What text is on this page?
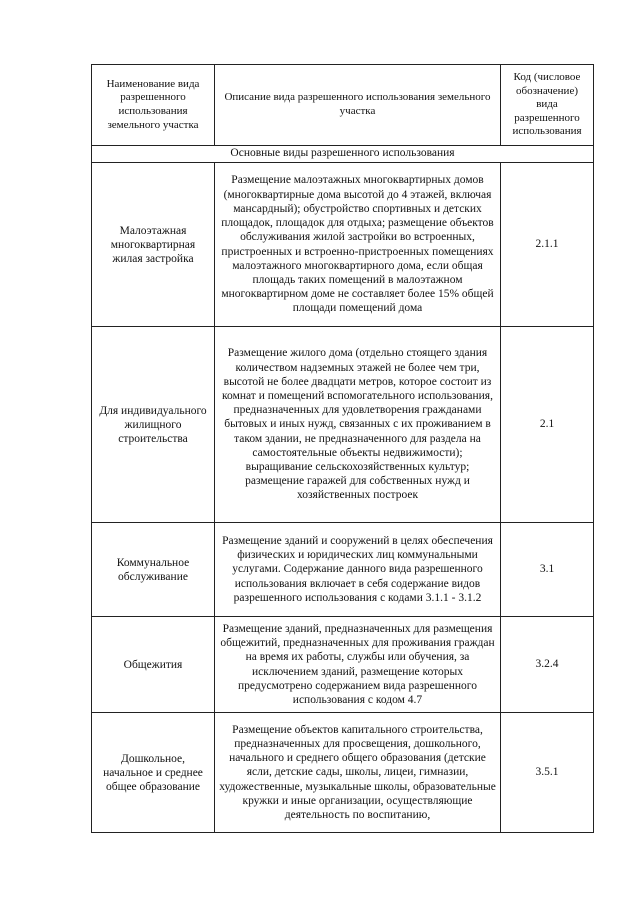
Наименование вида разрешенного использования земельного участка	Описание вида разрешенного использования земельного участка	Код (числовое обозначение) вида разрешенного использования
Основные виды разрешенного использования		
Малоэтажная многоквартирная жилая застройка	Размещение малоэтажных многоквартирных домов (многоквартирные дома высотой до 4 этажей, включая мансардный); обустройство спортивных и детских площадок, площадок для отдыха; размещение объектов обслуживания жилой застройки во встроенных, пристроенных и встроенно-пристроенных помещениях малоэтажного многоквартирного дома, если общая площадь таких помещений в малоэтажном многоквартирном доме не составляет более 15% общей площади помещений дома	2.1.1
Для индивидуального жилищного строительства	Размещение жилого дома (отдельно стоящего здания количеством надземных этажей не более чем три, высотой не более двадцати метров, которое состоит из комнат и помещений вспомогательного использования, предназначенных для удовлетворения гражданами бытовых и иных нужд, связанных с их проживанием в таком здании, не предназначенного для раздела на самостоятельные объекты недвижимости); выращивание сельскохозяйственных культур; размещение гаражей для собственных нужд и хозяйственных построек	2.1
Коммунальное обслуживание	Размещение зданий и сооружений в целях обеспечения физических и юридических лиц коммунальными услугами. Содержание данного вида разрешенного использования включает в себя содержание видов разрешенного использования с кодами 3.1.1 - 3.1.2	3.1
Общежития	Размещение зданий, предназначенных для размещения общежитий, предназначенных для проживания граждан на время их работы, службы или обучения, за исключением зданий, размещение которых предусмотрено содержанием вида разрешенного использования с кодом 4.7	3.2.4
Дошкольное, начальное и среднее общее образование	Размещение объектов капитального строительства, предназначенных для просвещения, дошкольного, начального и среднего общего образования (детские ясли, детские сады, школы, лицеи, гимназии, художественные, музыкальные школы, образовательные кружки и иные организации, осуществляющие деятельность по воспитанию,	3.5.1
